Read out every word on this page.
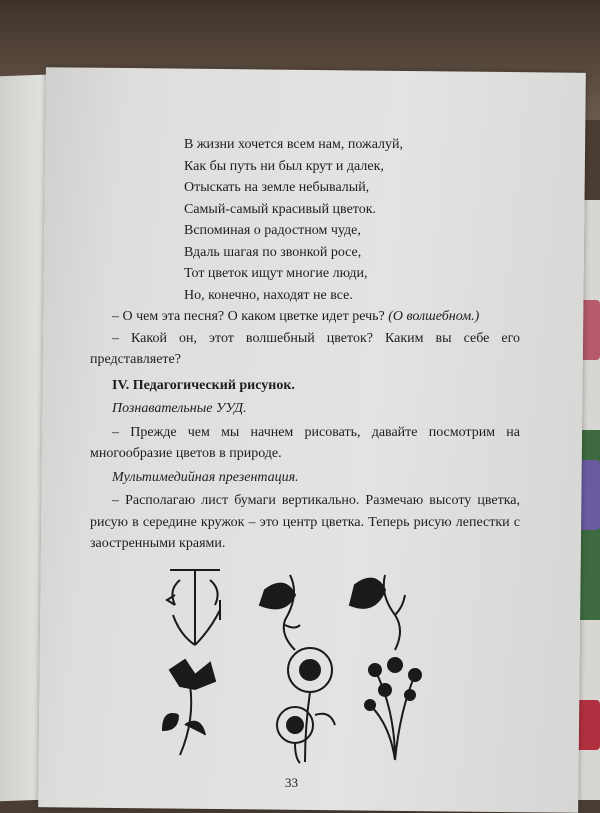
В жизни хочется всем нам, пожалуй,
Как бы путь ни был крут и далек,
Отыскать на земле небывалый,
Самый-самый красивый цветок.
Вспоминая о радостном чуде,
Вдаль шагая по звонкой росе,
Тот цветок ищут многие люди,
Но, конечно, находят не все.

– О чем эта песня? О каком цветке идет речь? (О волшебном.)

– Какой он, этот волшебный цветок? Каким вы себе его представляете?

IV. Педагогический рисунок.

Познавательные УУД.

– Прежде чем мы начнем рисовать, давайте посмотрим на многообразие цветов в природе.

Мультимедийная презентация.

– Располагаю лист бумаги вертикально. Размечаю высоту цветка, рисую в середине кружок – это центр цветка. Теперь рисую лепестки с заостренными краями.

33
